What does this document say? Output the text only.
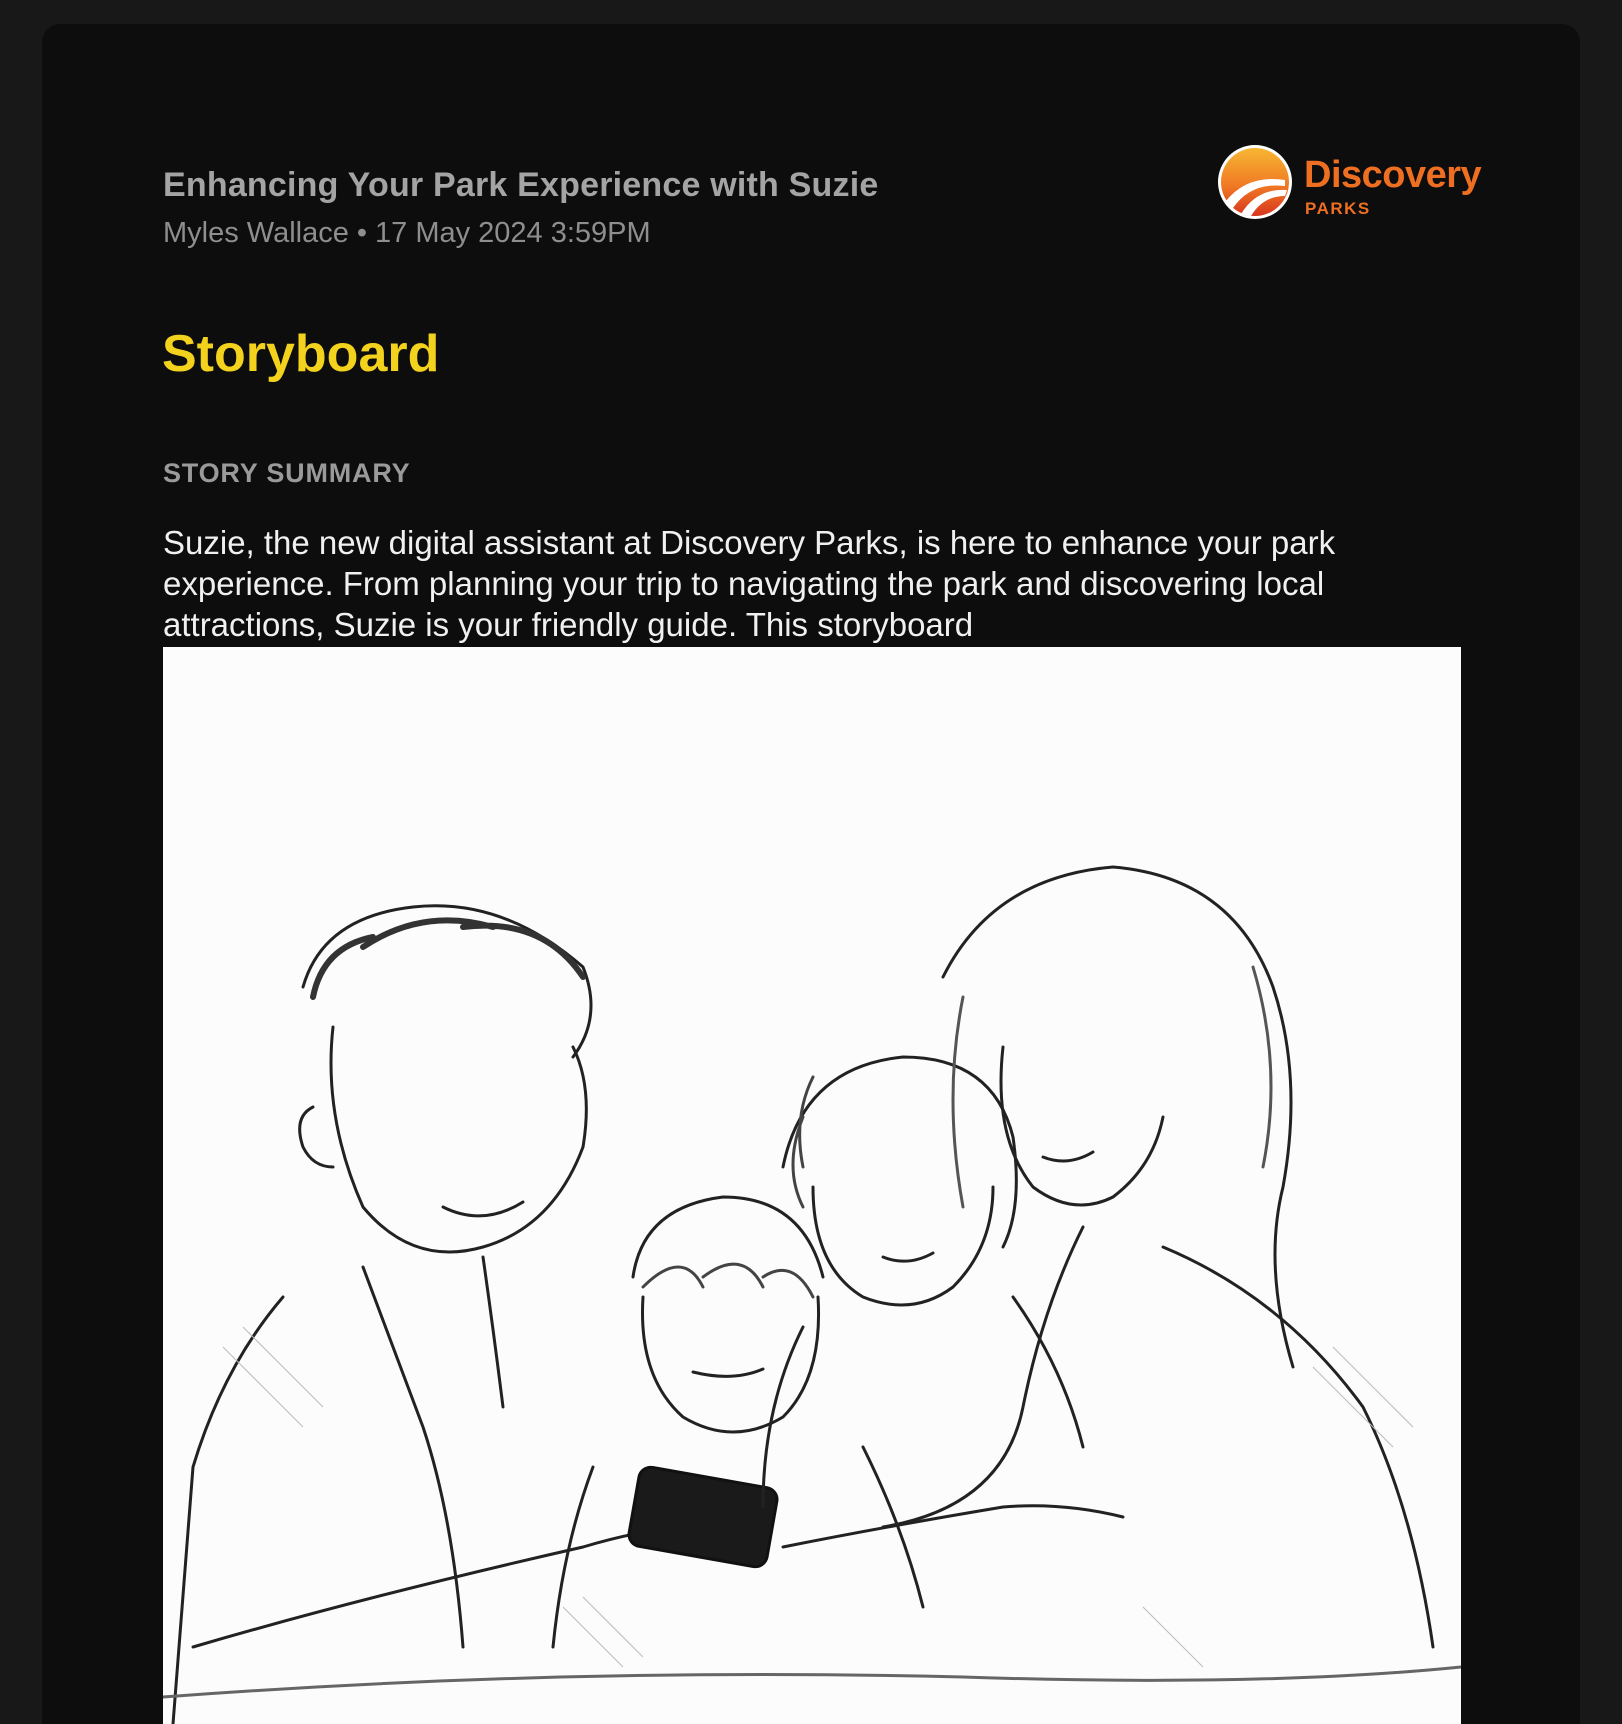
Enhancing Your Park Experience with Suzie
Myles Wallace • 17 May 2024 3:59PM
Discovery
PARKS
Storyboard
STORY SUMMARY

Suzie, the new digital assistant at Discovery Parks, is here to enhance your park experience. From planning your trip to navigating the park and discovering local attractions, Suzie is your friendly guide. This storyboard
